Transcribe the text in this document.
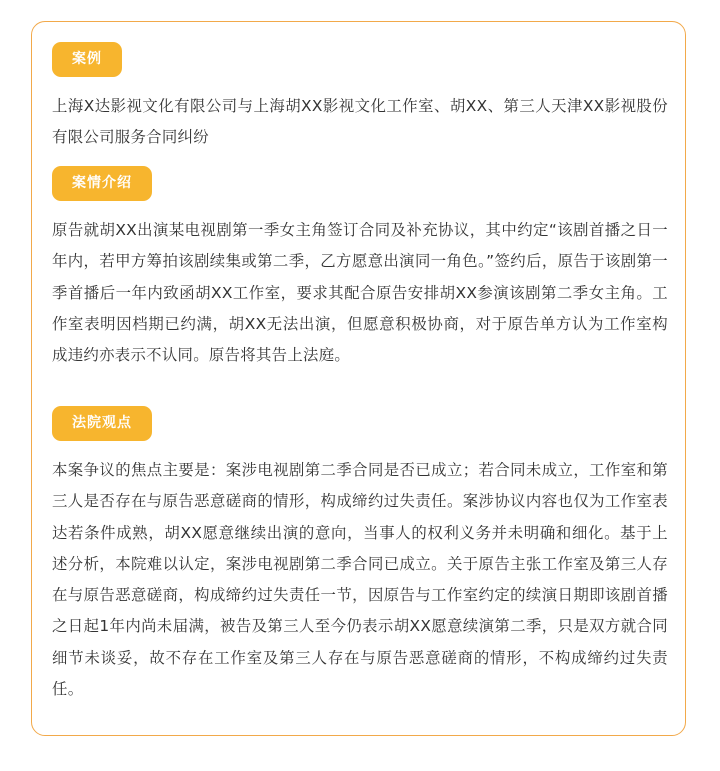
案例

上海X达影视文化有限公司与上海胡XX影视文化工作室、胡XX、第三人天津XX影视股份有限公司服务合同纠纷

案情介绍

原告就胡XX出演某电视剧第一季女主角签订合同及补充协议，其中约定“该剧首播之日一年内，若甲方筹拍该剧续集或第二季，乙方愿意出演同一角色。”签约后，原告于该剧第一季首播后一年内致函胡XX工作室，要求其配合原告安排胡XX参演该剧第二季女主角。工作室表明因档期已约满，胡XX无法出演，但愿意积极协商，对于原告单方认为工作室构成违约亦表示不认同。原告将其告上法庭。

法院观点

本案争议的焦点主要是：案涉电视剧第二季合同是否已成立；若合同未成立，工作室和第三人是否存在与原告恶意磋商的情形，构成缔约过失责任。案涉协议内容也仅为工作室表达若条件成熟，胡XX愿意继续出演的意向，当事人的权利义务并未明确和细化。基于上述分析，本院难以认定，案涉电视剧第二季合同已成立。关于原告主张工作室及第三人存在与原告恶意磋商，构成缔约过失责任一节，因原告与工作室约定的续演日期即该剧首播之日起1年内尚未届满，被告及第三人至今仍表示胡XX愿意续演第二季，只是双方就合同细节未谈妥，故不存在工作室及第三人存在与原告恶意磋商的情形，不构成缔约过失责任。
